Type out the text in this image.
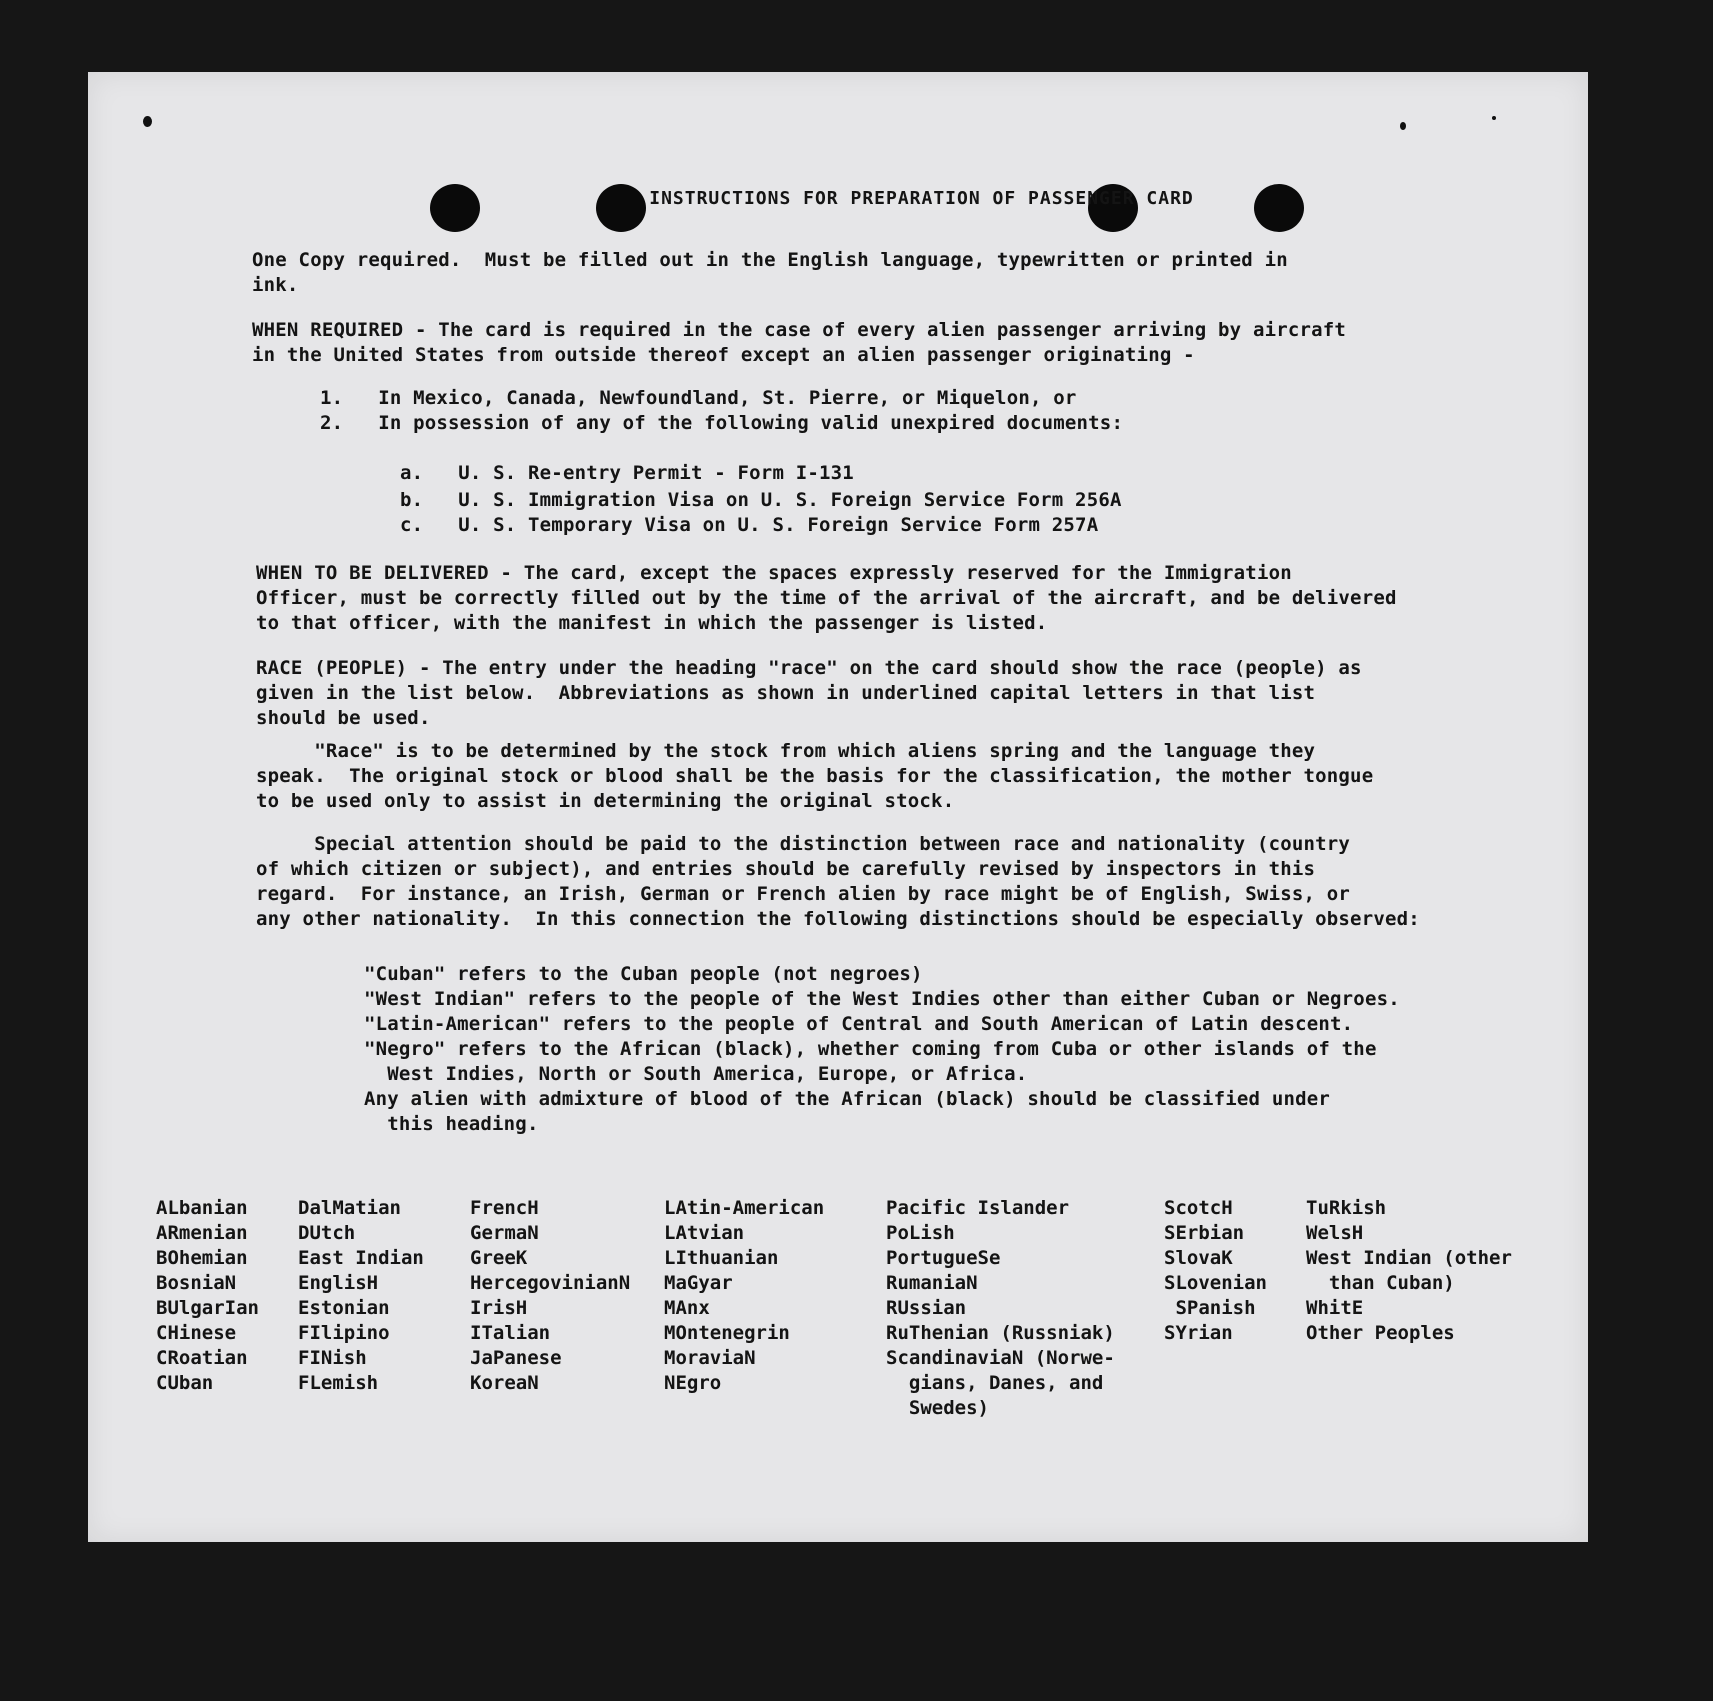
INSTRUCTIONS FOR PREPARATION OF PASSENGER CARD
One Copy required.  Must be filled out in the English language, typewritten or printed in
ink.
WHEN REQUIRED - The card is required in the case of every alien passenger arriving by aircraft
in the United States from outside thereof except an alien passenger originating -
1.   In Mexico, Canada, Newfoundland, St. Pierre, or Miquelon, or
2.   In possession of any of the following valid unexpired documents:
a.   U. S. Re-entry Permit - Form I-131
b.   U. S. Immigration Visa on U. S. Foreign Service Form 256A
c.   U. S. Temporary Visa on U. S. Foreign Service Form 257A
WHEN TO BE DELIVERED - The card, except the spaces expressly reserved for the Immigration
Officer, must be correctly filled out by the time of the arrival of the aircraft, and be delivered
to that officer, with the manifest in which the passenger is listed.
RACE (PEOPLE) - The entry under the heading "race" on the card should show the race (people) as
given in the list below.  Abbreviations as shown in underlined capital letters in that list
should be used.
"Race" is to be determined by the stock from which aliens spring and the language they
speak.  The original stock or blood shall be the basis for the classification, the mother tongue
to be used only to assist in determining the original stock.
Special attention should be paid to the distinction between race and nationality (country
of which citizen or subject), and entries should be carefully revised by inspectors in this
regard.  For instance, an Irish, German or French alien by race might be of English, Swiss, or
any other nationality.  In this connection the following distinctions should be especially observed:
"Cuban" refers to the Cuban people (not negroes)
"West Indian" refers to the people of the West Indies other than either Cuban or Negroes.
"Latin-American" refers to the people of Central and South American of Latin descent.
"Negro" refers to the African (black), whether coming from Cuba or other islands of the
West Indies, North or South America, Europe, or Africa.
Any alien with admixture of blood of the African (black) should be classified under
this heading.
ALbanian
ARmenian
BOhemian
BosniaN
BUlgarIan
CHinese
CRoatian
CUban
DalMatian
DUtch
East Indian
EnglisH
Estonian
FIlipino
FINish
FLemish
FrencH
GermaN
GreeK
HercegovinianN
IrisH
ITalian
JaPanese
KoreaN
LAtin-American
LAtvian
LIthuanian
MaGyar
MAnx
MOntenegrin
MoraviaN
NEgro
Pacific Islander
PoLish
PortugueSe
RumaniaN
RUssian
RuThenian (Russniak)
ScandinaviaN (Norwe-
gians, Danes, and
Swedes)
ScotcH
SErbian
SlovaK
SLovenian
SPanish
SYrian
TuRkish
WelsH
West Indian (other
than Cuban)
WhitE
Other Peoples
